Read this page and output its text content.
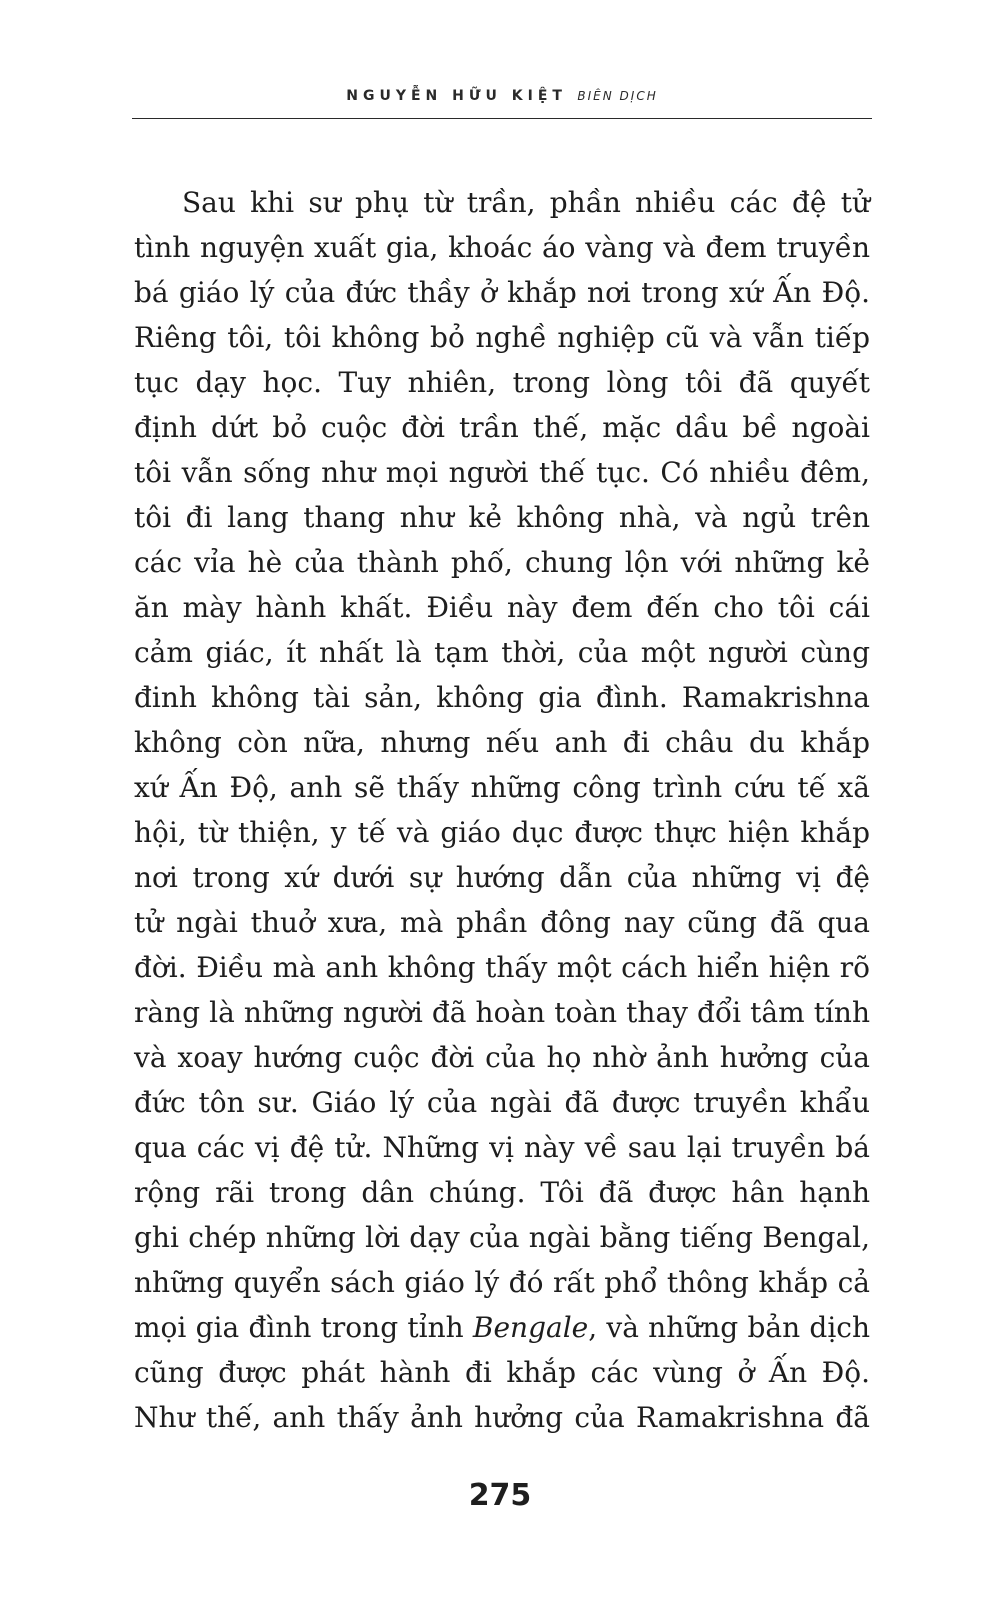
NGUYỄN HỮU KIỆT BIÊN DỊCH
Sau khi sư phụ từ trần, phần nhiều các đệ tử
tình nguyện xuất gia, khoác áo vàng và đem truyền
bá giáo lý của đức thầy ở khắp nơi trong xứ Ấn Độ.
Riêng tôi, tôi không bỏ nghề nghiệp cũ và vẫn tiếp
tục dạy học. Tuy nhiên, trong lòng tôi đã quyết
định dứt bỏ cuộc đời trần thế, mặc dầu bề ngoài
tôi vẫn sống như mọi người thế tục. Có nhiều đêm,
tôi đi lang thang như kẻ không nhà, và ngủ trên
các vỉa hè của thành phố, chung lộn với những kẻ
ăn mày hành khất. Điều này đem đến cho tôi cái
cảm giác, ít nhất là tạm thời, của một người cùng
đinh không tài sản, không gia đình. Ramakrishna
không còn nữa, nhưng nếu anh đi châu du khắp
xứ Ấn Độ, anh sẽ thấy những công trình cứu tế xã
hội, từ thiện, y tế và giáo dục được thực hiện khắp
nơi trong xứ dưới sự hướng dẫn của những vị đệ
tử ngài thuở xưa, mà phần đông nay cũng đã qua
đời. Điều mà anh không thấy một cách hiển hiện rõ
ràng là những người đã hoàn toàn thay đổi tâm tính
và xoay hướng cuộc đời của họ nhờ ảnh hưởng của
đức tôn sư. Giáo lý của ngài đã được truyền khẩu
qua các vị đệ tử. Những vị này về sau lại truyền bá
rộng rãi trong dân chúng. Tôi đã được hân hạnh
ghi chép những lời dạy của ngài bằng tiếng Bengal,
những quyển sách giáo lý đó rất phổ thông khắp cả
mọi gia đình trong tỉnh Bengale, và những bản dịch
cũng được phát hành đi khắp các vùng ở Ấn Độ.
Như thế, anh thấy ảnh hưởng của Ramakrishna đã
275
